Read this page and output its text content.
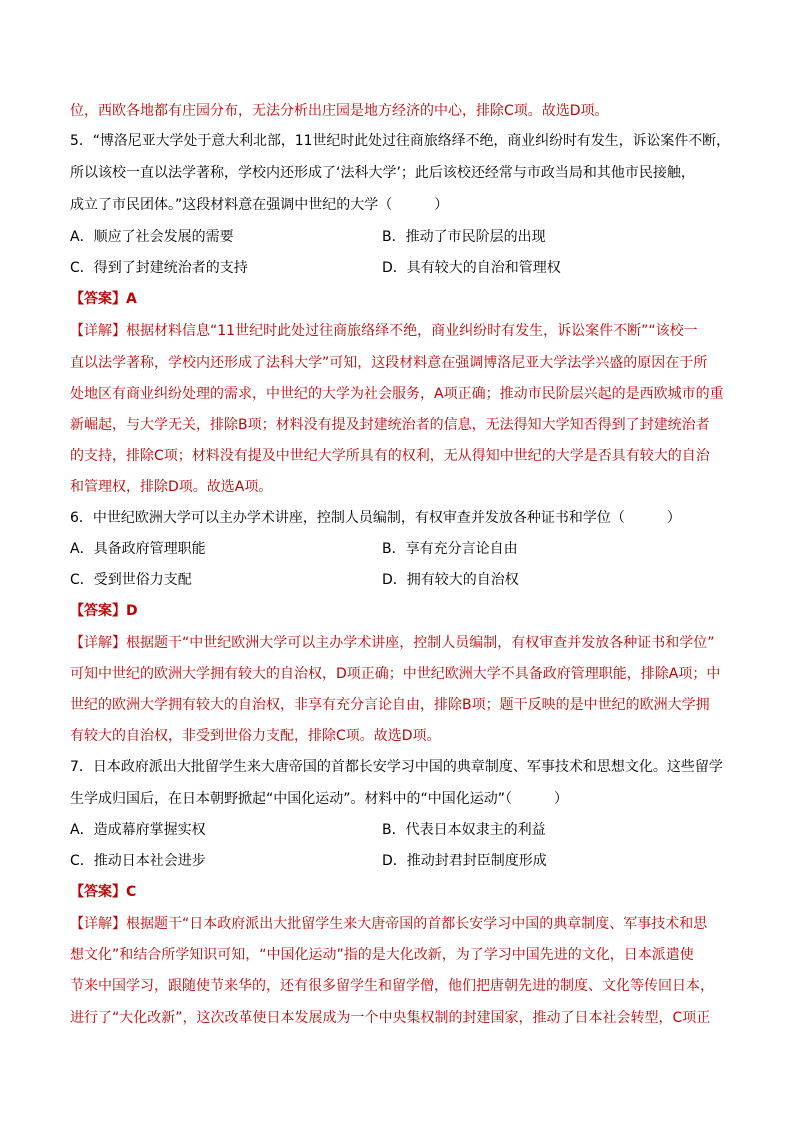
位，西欧各地都有庄园分布，无法分析出庄园是地方经济的中心，排除C项。故选D项。
5．“博洛尼亚大学处于意大利北部，11世纪时此处过往商旅络绎不绝，商业纠纷时有发生，诉讼案件不断，
所以该校一直以法学著称，学校内还形成了‘法科大学’；此后该校还经常与市政当局和其他市民接触，
成立了市民团体。”这段材料意在强调中世纪的大学（　　　）
A．顺应了社会发展的需要	B．推动了市民阶层的出现
C．得到了封建统治者的支持	D．具有较大的自治和管理权
【答案】A
【详解】根据材料信息“11世纪时此处过往商旅络绎不绝，商业纠纷时有发生，诉讼案件不断”“该校一
直以法学著称，学校内还形成了法科大学”可知，这段材料意在强调博洛尼亚大学法学兴盛的原因在于所
处地区有商业纠纷处理的需求，中世纪的大学为社会服务，A项正确；推动市民阶层兴起的是西欧城市的重
新崛起，与大学无关，排除B项；材料没有提及封建统治者的信息，无法得知大学知否得到了封建统治者
的支持，排除C项；材料没有提及中世纪大学所具有的权利，无从得知中世纪的大学是否具有较大的自治
和管理权，排除D项。故选A项。
6．中世纪欧洲大学可以主办学术讲座，控制人员编制，有权审查并发放各种证书和学位（　　　）
A．具备政府管理职能	B．享有充分言论自由
C．受到世俗力支配	D．拥有较大的自治权
【答案】D
【详解】根据题干“中世纪欧洲大学可以主办学术讲座，控制人员编制，有权审查并发放各种证书和学位”
可知中世纪的欧洲大学拥有较大的自治权，D项正确；中世纪欧洲大学不具备政府管理职能，排除A项；中
世纪的欧洲大学拥有较大的自治权，非享有充分言论自由，排除B项；题干反映的是中世纪的欧洲大学拥
有较大的自治权，非受到世俗力支配，排除C项。故选D项。
7．日本政府派出大批留学生来大唐帝国的首都长安学习中国的典章制度、军事技术和思想文化。这些留学
生学成归国后，在日本朝野掀起“中国化运动”。材料中的“中国化运动”（　　　）
A．造成幕府掌握实权	B．代表日本奴隶主的利益
C．推动日本社会进步	D．推动封君封臣制度形成
【答案】C
【详解】根据题干“日本政府派出大批留学生来大唐帝国的首都长安学习中国的典章制度、军事技术和思
想文化”和结合所学知识可知，“中国化运动”指的是大化改新，为了学习中国先进的文化，日本派遣使
节来中国学习，跟随使节来华的，还有很多留学生和留学僧，他们把唐朝先进的制度、文化等传回日本，
进行了“大化改新”，这次改革使日本发展成为一个中央集权制的封建国家，推动了日本社会转型，C项正
